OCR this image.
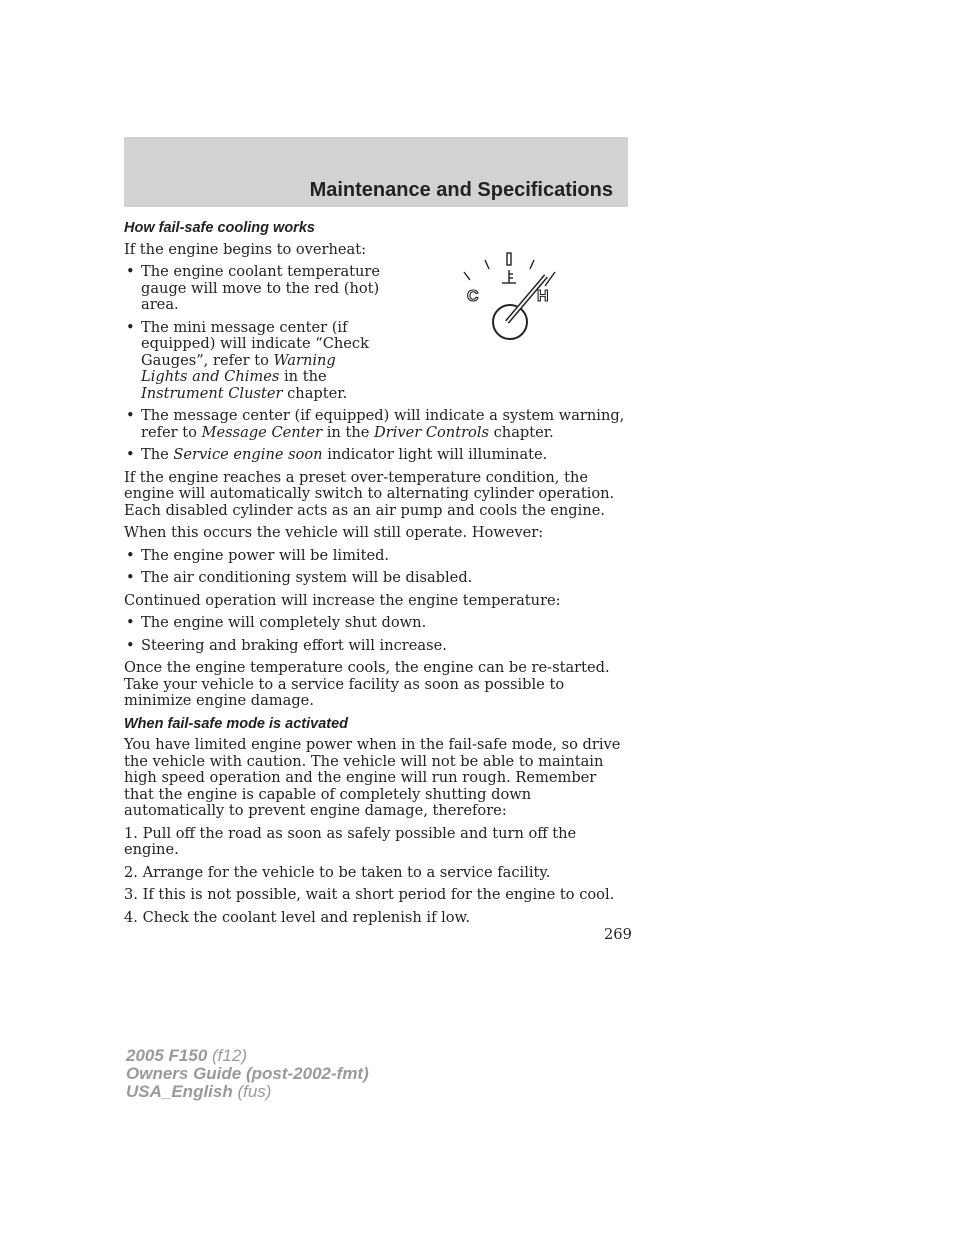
Maintenance and Specifications
C	H
How fail-safe cooling works

If the engine begins to overheat:

• The engine coolant temperature gauge will move to the red (hot) area.
• The mini message center (if equipped) will indicate “Check Gauges”, refer to Warning Lights and Chimes in the Instrument Cluster chapter.
• The message center (if equipped) will indicate a system warning, refer to Message Center in the Driver Controls chapter.
• The Service engine soon indicator light will illuminate.

If the engine reaches a preset over-temperature condition, the engine will automatically switch to alternating cylinder operation. Each disabled cylinder acts as an air pump and cools the engine.

When this occurs the vehicle will still operate. However:

• The engine power will be limited.
• The air conditioning system will be disabled.

Continued operation will increase the engine temperature:

• The engine will completely shut down.
• Steering and braking effort will increase.

Once the engine temperature cools, the engine can be re-started. Take your vehicle to a service facility as soon as possible to minimize engine damage.

When fail-safe mode is activated

You have limited engine power when in the fail-safe mode, so drive the vehicle with caution. The vehicle will not be able to maintain high speed operation and the engine will run rough. Remember that the engine is capable of completely shutting down automatically to prevent engine damage, therefore:

1. Pull off the road as soon as safely possible and turn off the engine.
2. Arrange for the vehicle to be taken to a service facility.
3. If this is not possible, wait a short period for the engine to cool.
4. Check the coolant level and replenish if low.
269
2005 F150 (f12)
Owners Guide (post-2002-fmt)
USA_English (fus)
